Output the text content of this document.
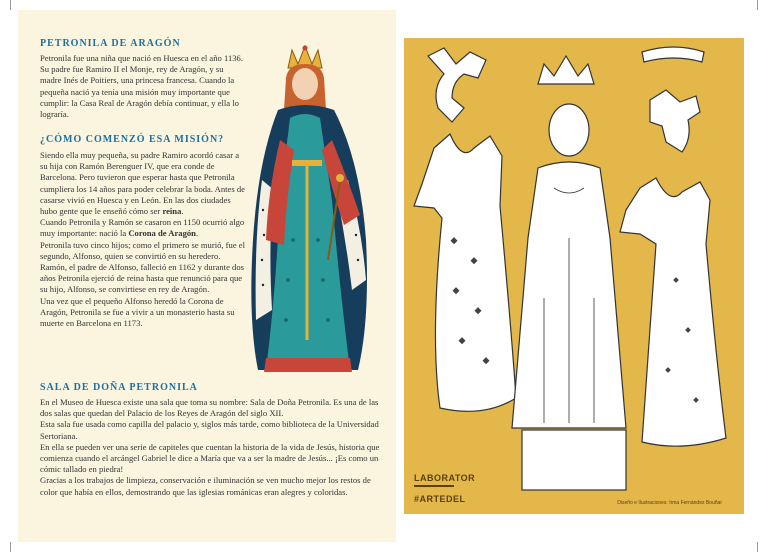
PETRONILA DE ARAGÓN

Petronila fue una niña que nació en Huesca en el año 1136. Su padre fue Ramiro II el Monje, rey de Aragón, y su madre Inés de Poitiers, una princesa francesa. Cuando la pequeña nació ya tenía una misión muy importante que cumplir: la Casa Real de Aragón debía continuar, y ella lo lograría.

¿CÓMO COMENZÓ ESA MISIÓN?

Siendo ella muy pequeña, su padre Ramiro acordó casar a su hija con Ramón Berenguer IV, que era conde de Barcelona. Pero tuvieron que esperar hasta que Petronila cumpliera los 14 años para poder celebrar la boda. Antes de casarse vivió en Huesca y en León. En las dos ciudades hubo gente que le enseñó cómo ser reina.

Cuando Petronila y Ramón se casaron en 1150 ocurrió algo muy importante: nació la Corona de Aragón.

Petronila tuvo cinco hijos; como el primero se murió, fue el segundo, Alfonso, quien se convirtió en su heredero. Ramón, el padre de Alfonso, falleció en 1162 y durante dos años Petronila ejerció de reina hasta que renunció para que su hijo, Alfonso, se convirtiese en rey de Aragón.

Una vez que el pequeño Alfonso heredó la Corona de Aragón, Petronila se fue a vivir a un monasterio hasta su muerte en Barcelona en 1173.

SALA DE DOÑA PETRONILA

En el Museo de Huesca existe una sala que toma su nombre: Sala de Doña Petronila. Es una de las dos salas que quedan del Palacio de los Reyes de Aragón del siglo XII.

Esta sala fue usada como capilla del palacio y, siglos más tarde, como biblioteca de la Universidad Sertoriana.

En ella se pueden ver una serie de capiteles que cuentan la historia de la vida de Jesús, historia que comienza cuando el arcángel Gabriel le dice a María que va a ser la madre de Jesús... ¡Es como un cómic tallado en piedra!

Gracias a los trabajos de limpieza, conservación e iluminación se ven mucho mejor los restos de color que había en ellos, demostrando que las iglesias románicas eran alegres y coloridas.

LABORATOR
#ARTEDEL	Diseño e Ilustraciones: Irma Fernández Bouñar
